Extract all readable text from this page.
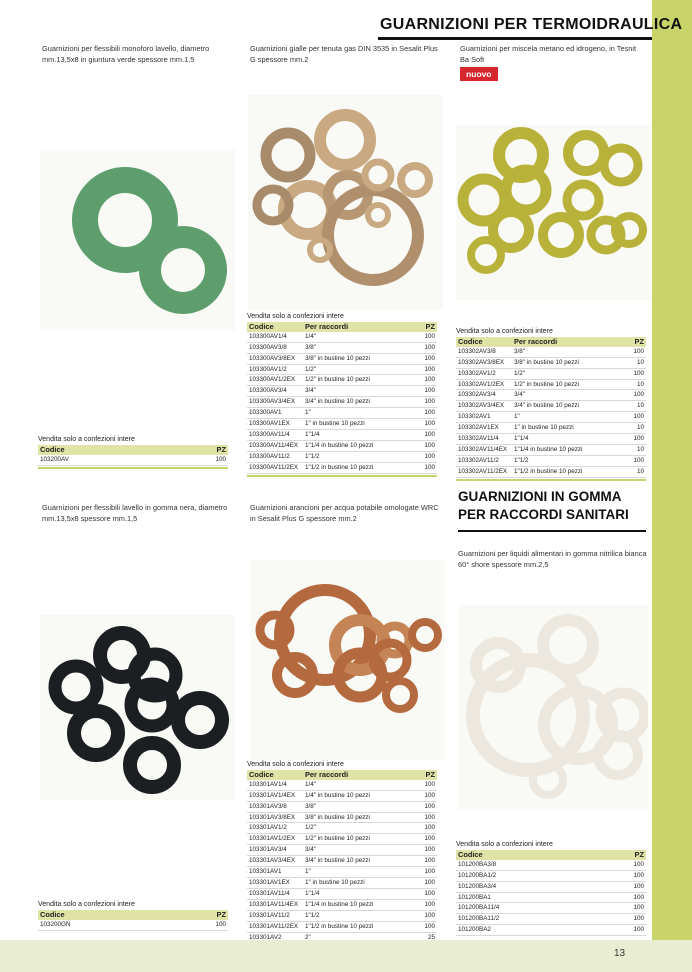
GUARNIZIONI PER TERMOIDRAULICA
Guarnizioni per flessibili monoforo lavello, diametro mm.13,5x8 in giuntura verde spessore mm.1,5
Guarnizioni gialle per tenuta gas DIN 3535 in Sesalit Plus G spessore mm.2
Guarnizioni per miscela metano ed idrogeno, in Tesnit Ba Soft
nuovo
Guarnizioni per flessibili lavello in gomma nera, diametro mm.13,5x8 spessore mm.1,5
Guarnizioni arancioni per acqua potabile omologate WRC in Sesalit Plus G spessore mm.2
GUARNIZIONI IN GOMMA PER RACCORDI SANITARI
Guarnizioni per liquidi alimentari in gomma nitrilica bianca 60° shore spessore mm.2,5
Vendita solo a confezioni intere
Codice	PZ
103200AV	100
Vendita solo a confezioni intere
Codice	Per raccordi	PZ
103300AV1/4	1/4"	100
103300AV3/8	3/8"	100
103300AV3/8EX	3/8" in bustine 10 pezzi	100
103300AV1/2	1/2"	100
103300AV1/2EX	1/2" in bustine 10 pezzi	100
103300AV3/4	3/4"	100
103300AV3/4EX	3/4" in bustine 10 pezzi	100
103300AV1	1"	100
103300AV1EX	1" in bustine 10 pezzi	100
103300AV11/4	1"1/4	100
103300AV11/4EX	1"1/4 in bustine 10 pezzi	100
103300AV11/2	1"1/2	100
103300AV11/2EX	1"1/2 in bustine 10 pezzi	100
Vendita solo a confezioni intere
Codice	Per raccordi	PZ
103302AV3/8	3/8"	100
103302AV3/8EX	3/8" in bustine 10 pezzi	10
103302AV1/2	1/2"	100
103302AV1/2EX	1/2" in bustine 10 pezzi	10
103302AV3/4	3/4"	100
103302AV3/4EX	3/4" in bustine 10 pezzi	10
103302AV1	1"	100
103302AV1EX	1" in bustine 10 pezzi	10
103302AV11/4	1"1/4	100
103302AV11/4EX	1"1/4 in bustine 10 pezzi	10
103302AV11/2	1"1/2	100
103302AV11/2EX	1"1/2 in bustine 10 pezzi	10
Vendita solo a confezioni intere
Codice	PZ
103200GN	100
Vendita solo a confezioni intere
Codice	Per raccordi	PZ
103301AV1/4	1/4"	100
103301AV1/4EX	1/4" in bustine 10 pezzi	100
103301AV3/8	3/8"	100
103301AV3/8EX	3/8" in bustine 10 pezzi	100
103301AV1/2	1/2"	100
103301AV1/2EX	1/2" in bustine 10 pezzi	100
103301AV3/4	3/4"	100
103301AV3/4EX	3/4" in bustine 10 pezzi	100
103301AV1	1"	100
103301AV1EX	1" in bustine 10 pezzi	100
103301AV11/4	1"1/4	100
103301AV11/4EX	1"1/4 in bustine 10 pezzi	100
103301AV11/2	1"1/2	100
103301AV11/2EX	1"1/2 in bustine 10 pezzi	100
103301AV2	2"	25
Vendita solo a confezioni intere
Codice	PZ
101200BA3/8	100
101200BA1/2	100
101200BA3/4	100
101200BA1	100
101200BA11/4	100
101200BA11/2	100
101200BA2	100
13
